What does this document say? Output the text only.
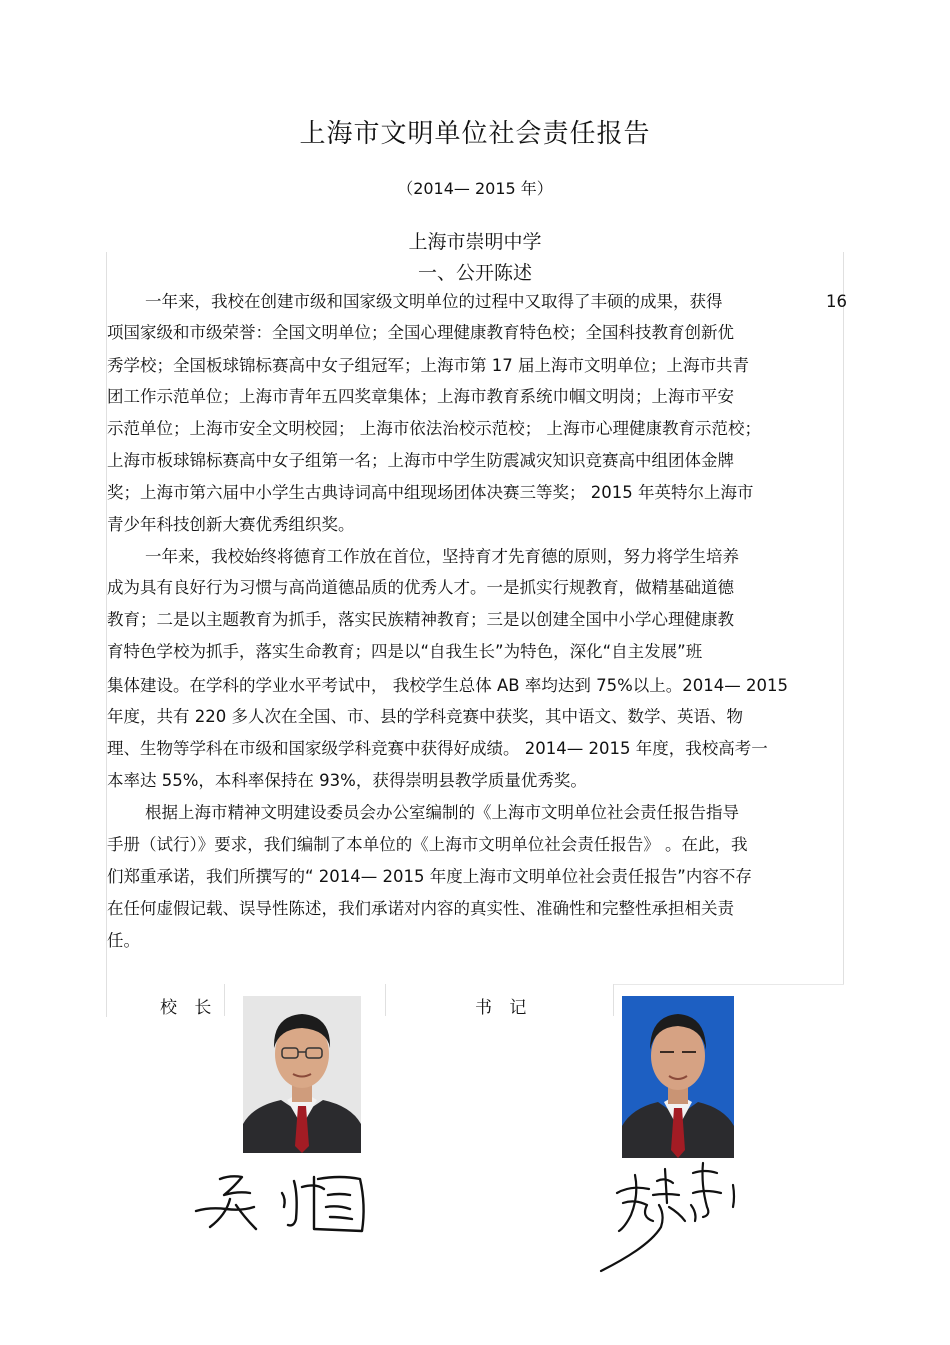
上海市文明单位社会责任报告
（2014— 2015 年）
上海市崇明中学
一、公开陈述
一年来，我校在创建市级和国家级文明单位的过程中又取得了丰硕的成果，获得	16
项国家级和市级荣誉：全国文明单位；全国心理健康教育特色校；全国科技教育创新优
秀学校；全国板球锦标赛高中女子组冠军；上海市第 17 届上海市文明单位；上海市共青
团工作示范单位；上海市青年五四奖章集体；上海市教育系统巾帼文明岗；上海市平安
示范单位；上海市安全文明校园； 上海市依法治校示范校； 上海市心理健康教育示范校；
上海市板球锦标赛高中女子组第一名；上海市中学生防震减灾知识竞赛高中组团体金牌
奖；上海市第六届中小学生古典诗词高中组现场团体决赛三等奖； 2015 年英特尔上海市
青少年科技创新大赛优秀组织奖。
一年来，我校始终将德育工作放在首位，坚持育才先育德的原则，努力将学生培养
成为具有良好行为习惯与高尚道德品质的优秀人才。一是抓实行规教育，做精基础道德
教育；二是以主题教育为抓手，落实民族精神教育；三是以创建全国中小学心理健康教
育特色学校为抓手，落实生命教育；四是以“自我生长”为特色，深化“自主发展”班
集体建设。在学科的学业水平考试中， 我校学生总体 AB 率均达到 75%以上。2014— 2015
年度，共有 220 多人次在全国、市、县的学科竞赛中获奖，其中语文、数学、英语、物
理、生物等学科在市级和国家级学科竞赛中获得好成绩。 2014— 2015 年度，我校高考一
本率达 55%，本科率保持在 93%，获得崇明县教学质量优秀奖。
根据上海市精神文明建设委员会办公室编制的《上海市文明单位社会责任报告指导
手册（试行）》要求，我们编制了本单位的《上海市文明单位社会责任报告》 。在此，我
们郑重承诺，我们所撰写的“ 2014— 2015 年度上海市文明单位社会责任报告”内容不存
在任何虚假记载、误导性陈述，我们承诺对内容的真实性、准确性和完整性承担相关责
任。
校 长	书 记
